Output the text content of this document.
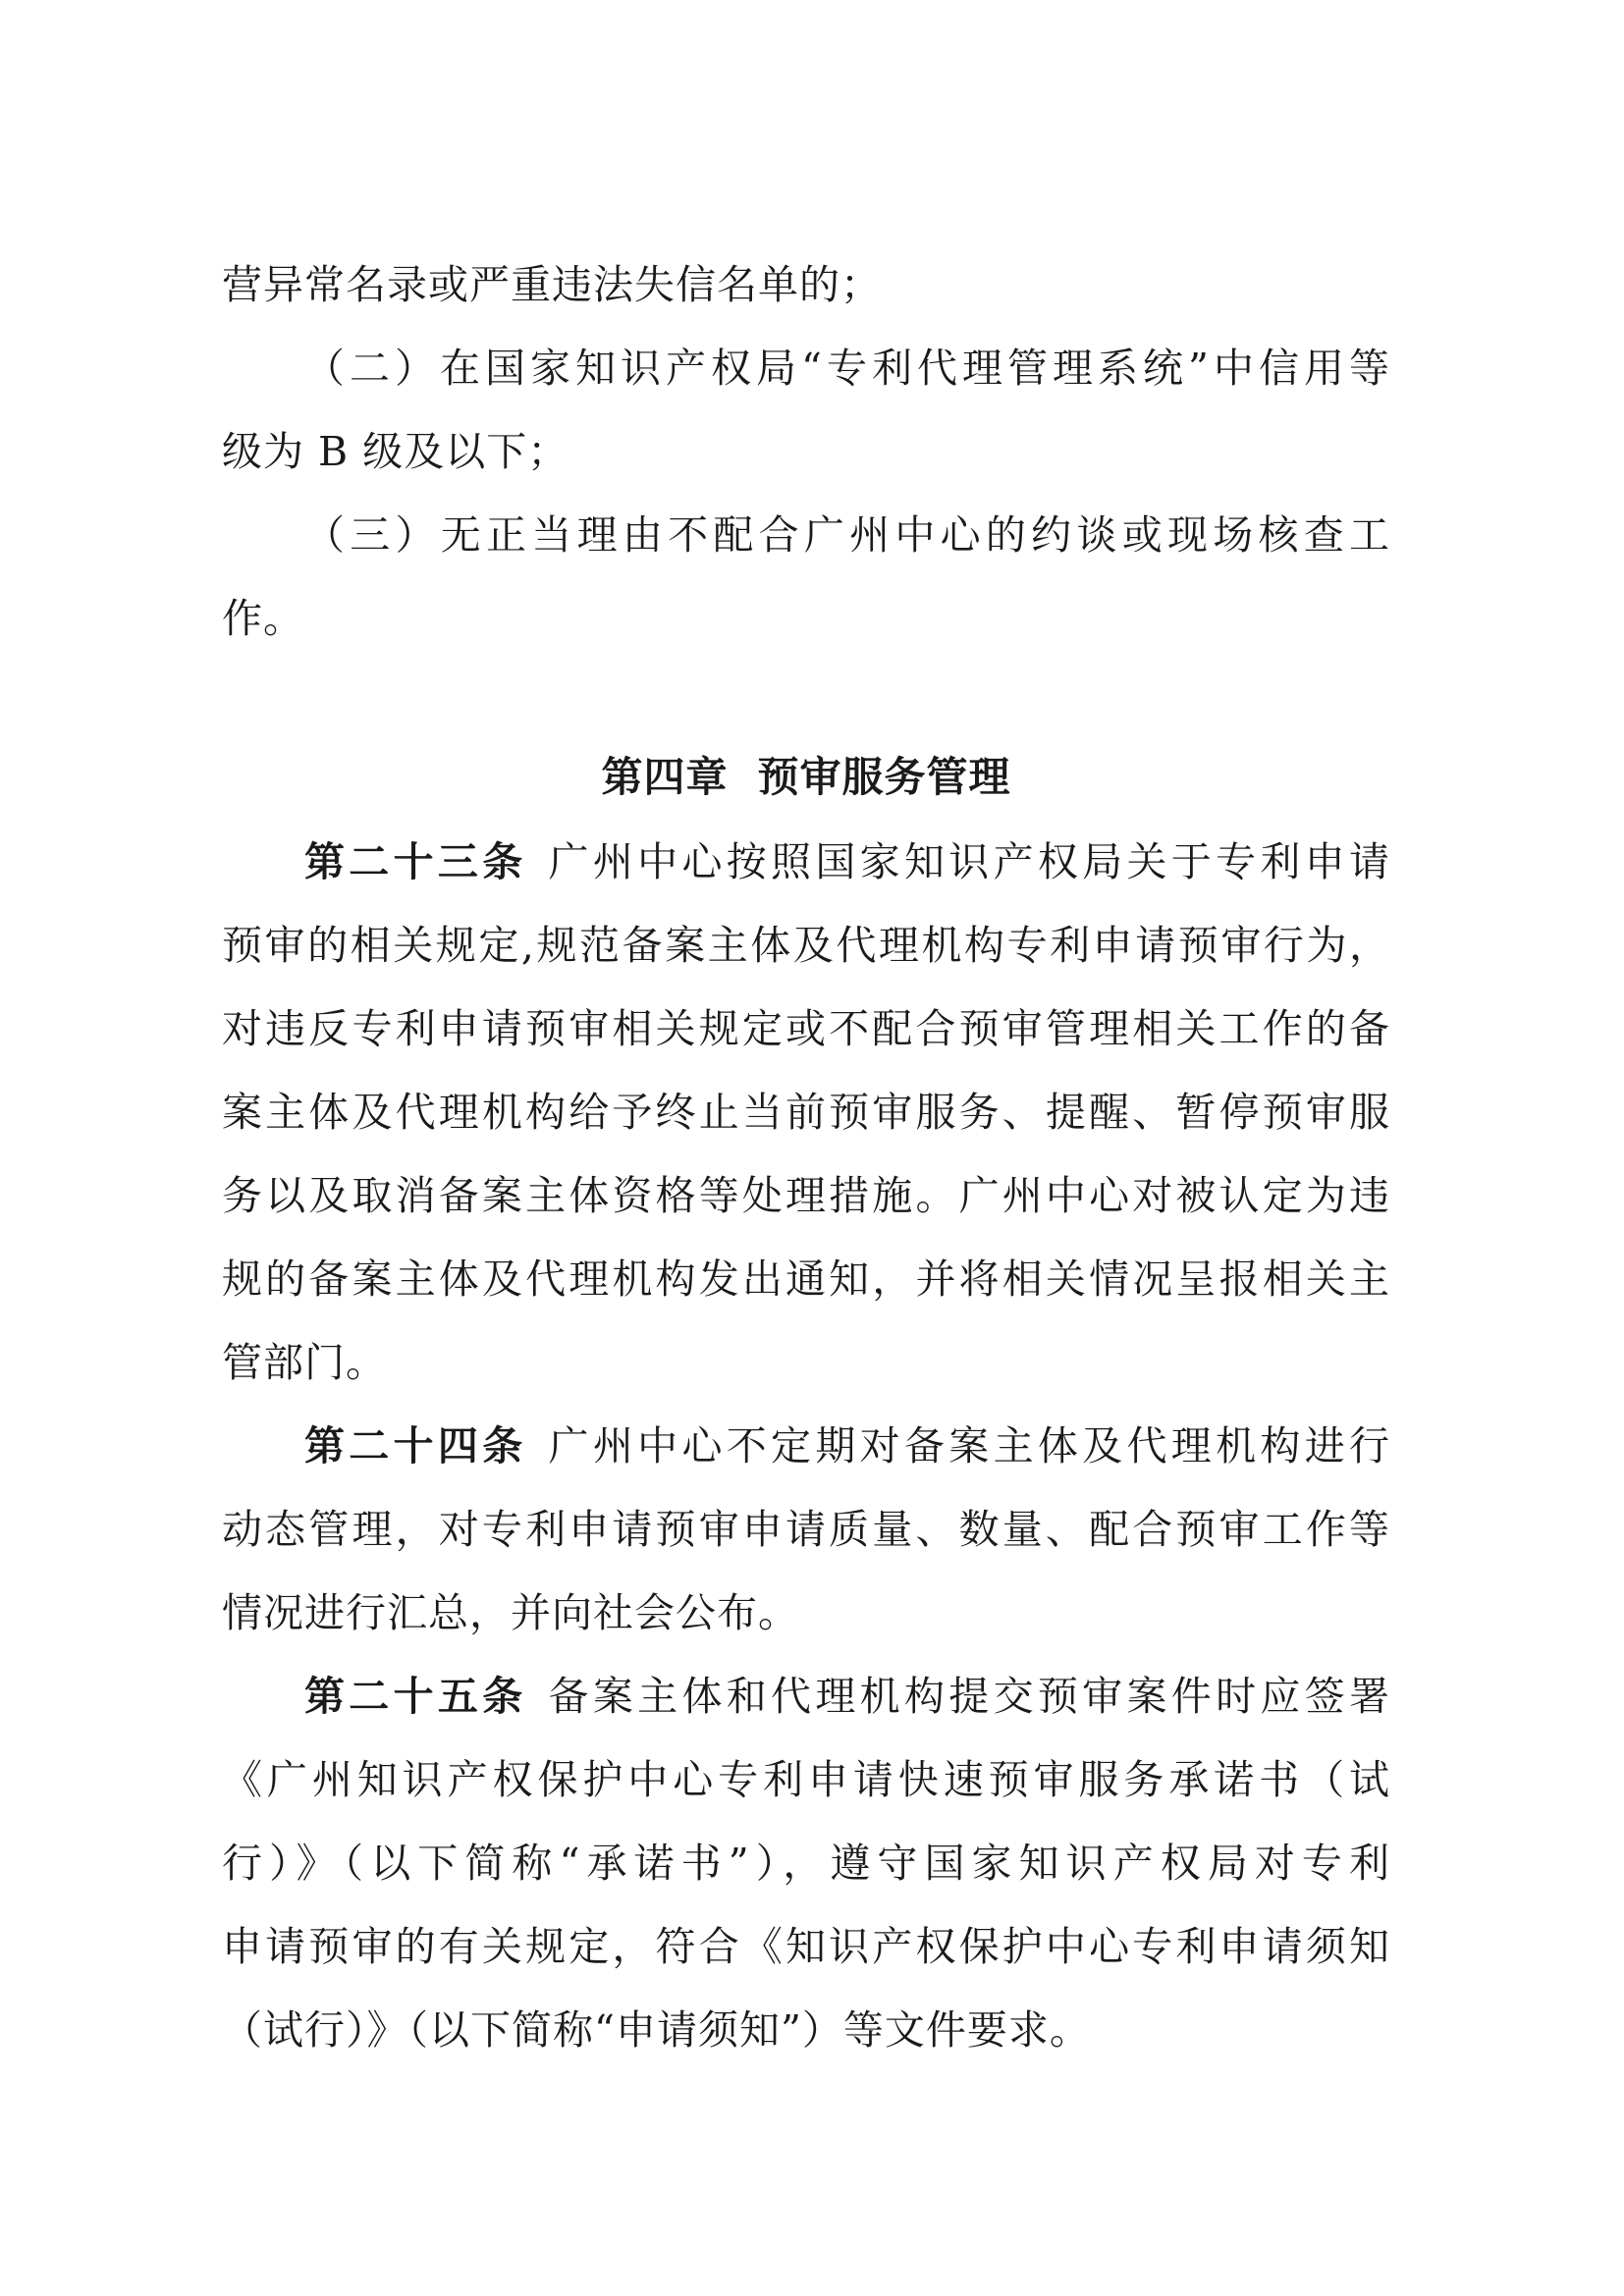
营异常名录或严重违法失信名单的；
（二）在国家知识产权局“专利代理管理系统”中信用等
级为 B 级及以下；
（三）无正当理由不配合广州中心的约谈或现场核查工
作。
第四章 预审服务管理
第二十三条 广州中心按照国家知识产权局关于专利申请
预审的相关规定,规范备案主体及代理机构专利申请预审行为，
对违反专利申请预审相关规定或不配合预审管理相关工作的备
案主体及代理机构给予终止当前预审服务、提醒、暂停预审服
务以及取消备案主体资格等处理措施。广州中心对被认定为违
规的备案主体及代理机构发出通知，并将相关情况呈报相关主
管部门。
第二十四条 广州中心不定期对备案主体及代理机构进行
动态管理，对专利申请预审申请质量、数量、配合预审工作等
情况进行汇总，并向社会公布。
第二十五条 备案主体和代理机构提交预审案件时应签署
《广州知识产权保护中心专利申请快速预审服务承诺书（试
行）》（以下简称“承诺书”），遵守国家知识产权局对专利
申请预审的有关规定，符合《知识产权保护中心专利申请须知
（试行）》（以下简称“申请须知”）等文件要求。
